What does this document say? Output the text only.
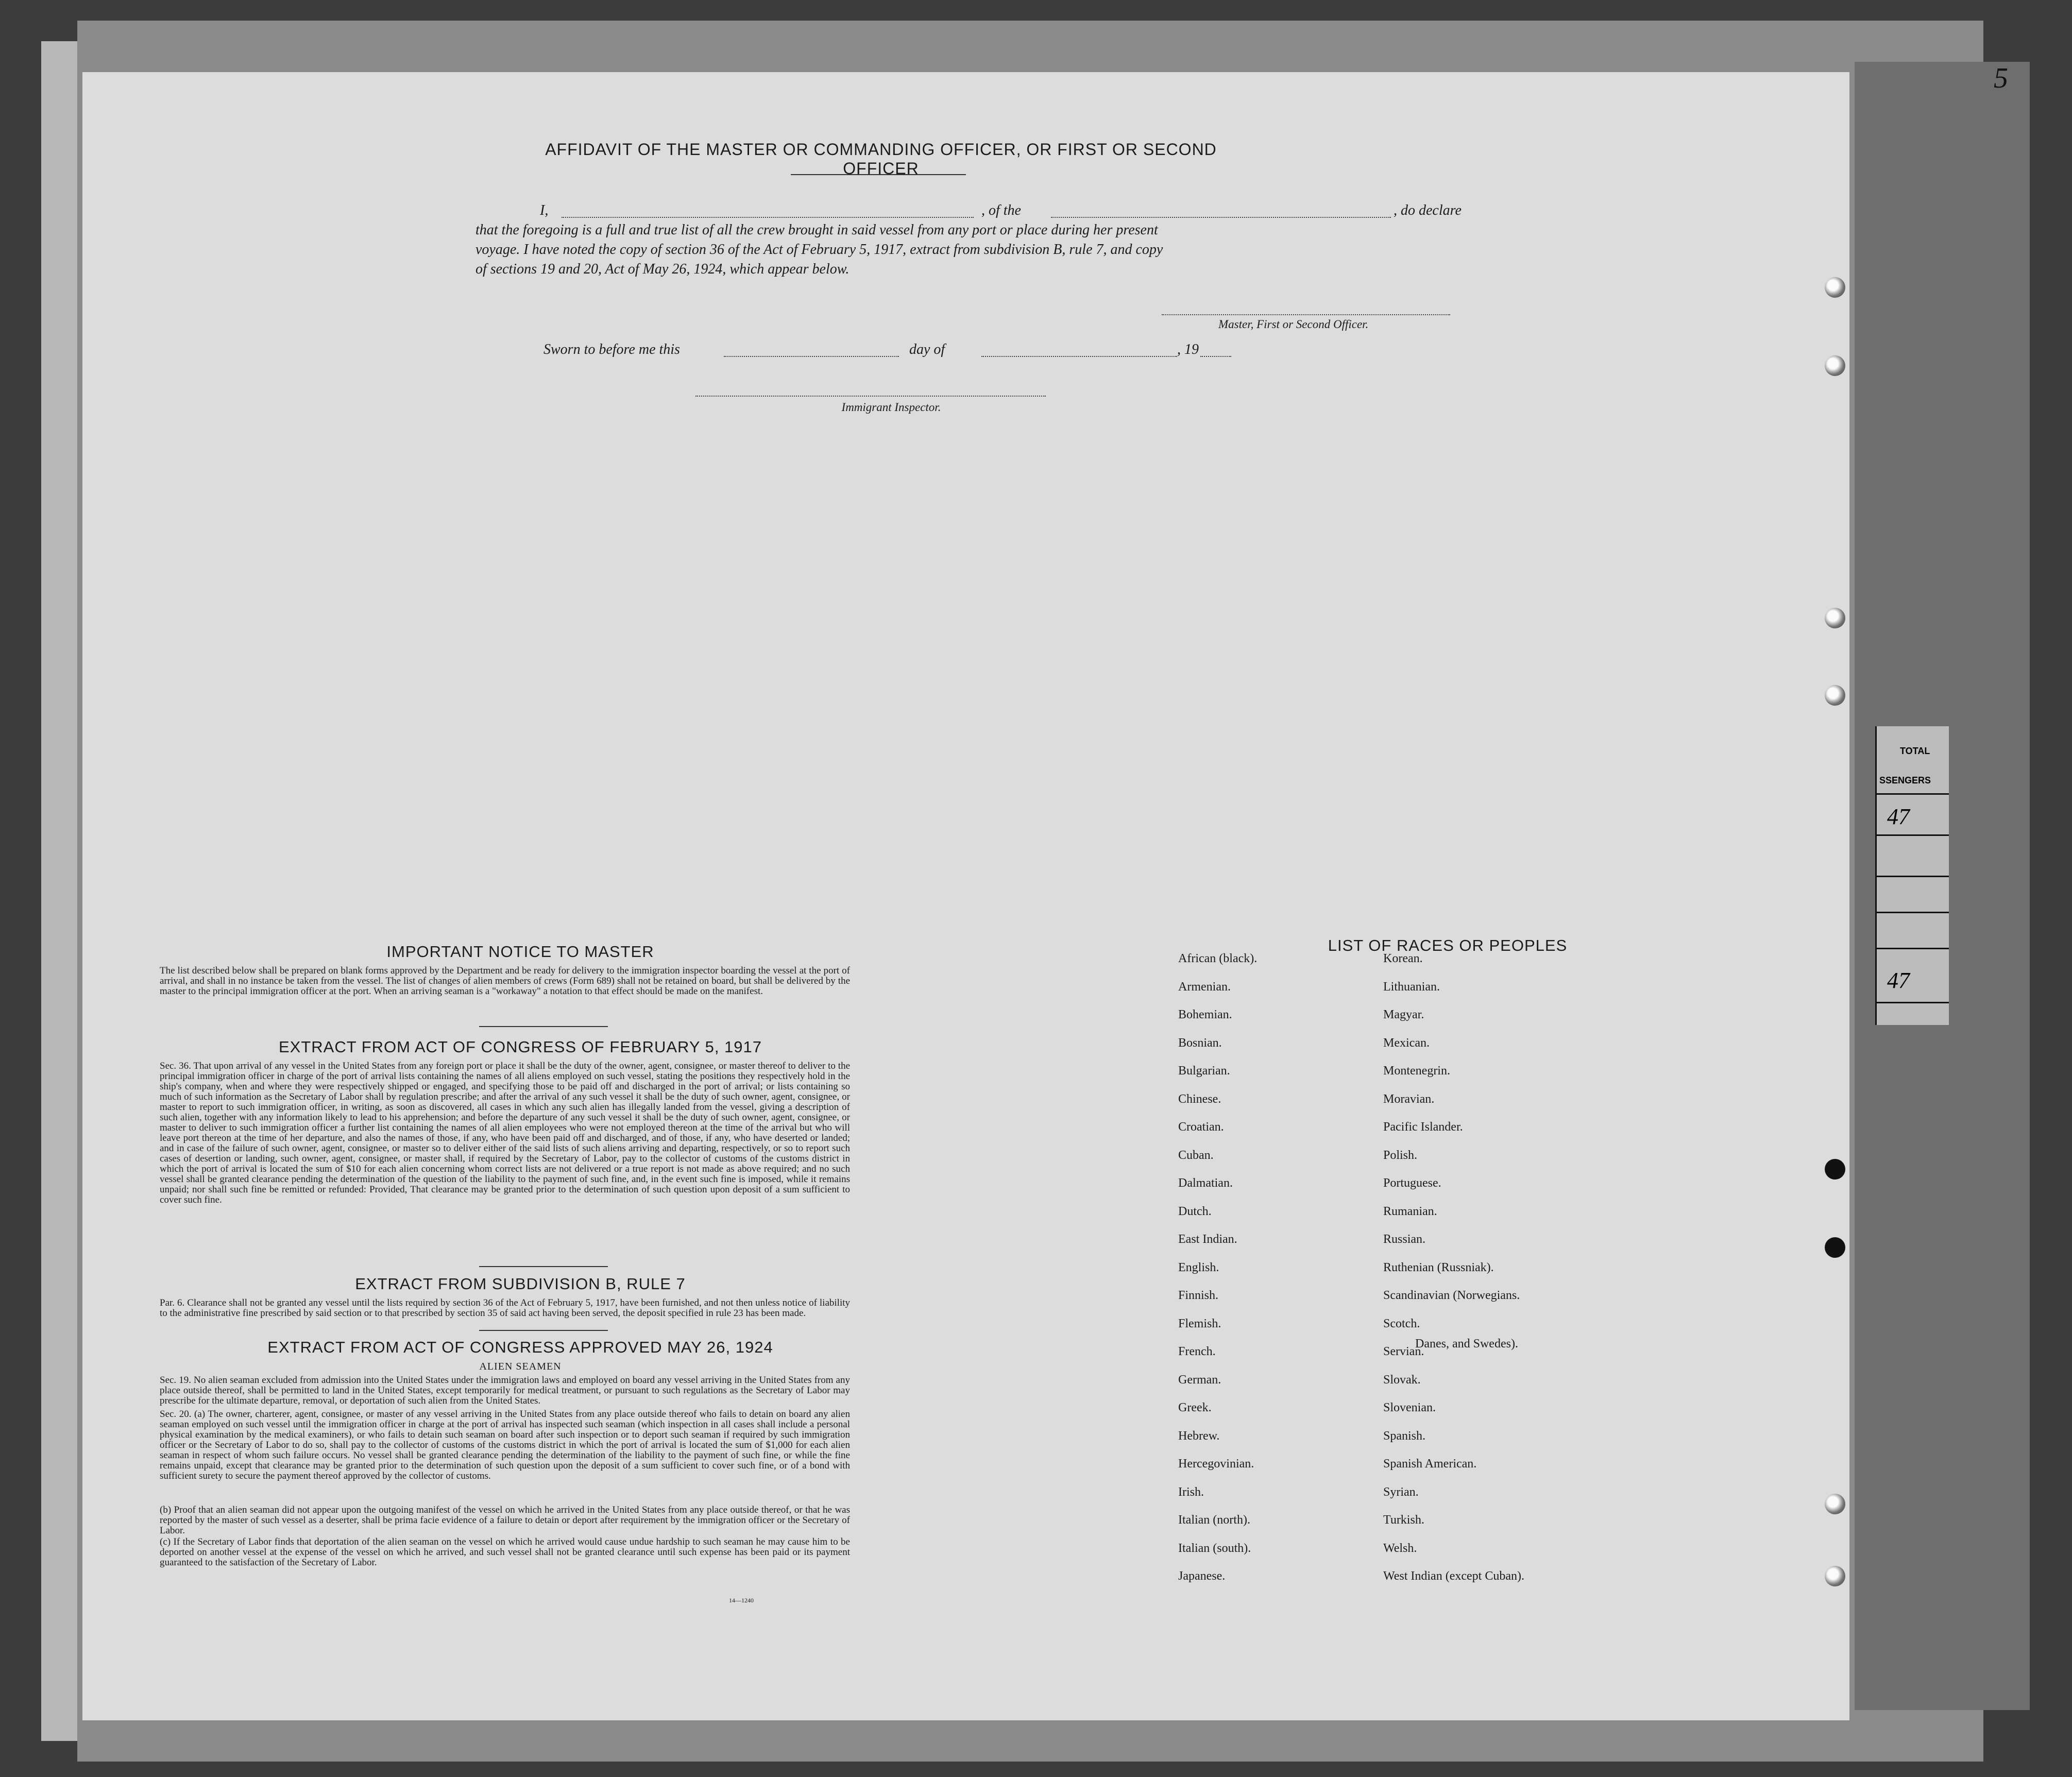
5
TOTAL
SSENGERS
47
47
AFFIDAVIT OF THE MASTER OR COMMANDING OFFICER, OR FIRST OR SECOND OFFICER
I,	, of the	, do declare
that the foregoing is a full and true list of all the crew brought in said vessel from any port or place during her present
voyage. I have noted the copy of section 36 of the Act of February 5, 1917, extract from subdivision B, rule 7, and copy
of sections 19 and 20, Act of May 26, 1924, which appear below.
Master, First or Second Officer.
Sworn to before me this	day of	, 19
Immigrant Inspector.
IMPORTANT NOTICE TO MASTER
The list described below shall be prepared on blank forms approved by the Department and be ready for delivery to the immigration inspector boarding the vessel at the port of arrival, and shall in no instance be taken from the vessel. The list of changes of alien members of crews (Form 689) shall not be retained on board, but shall be delivered by the master to the principal immigration officer at the port. When an arriving seaman is a "workaway" a notation to that effect should be made on the manifest.
EXTRACT FROM ACT OF CONGRESS OF FEBRUARY 5, 1917
Sec. 36. That upon arrival of any vessel in the United States from any foreign port or place it shall be the duty of the owner, agent, consignee, or master thereof to deliver to the principal immigration officer in charge of the port of arrival lists containing the names of all aliens employed on such vessel, stating the positions they respectively hold in the ship's company, when and where they were respectively shipped or engaged, and specifying those to be paid off and discharged in the port of arrival; or lists containing so much of such information as the Secretary of Labor shall by regulation prescribe; and after the arrival of any such vessel it shall be the duty of such owner, agent, consignee, or master to report to such immigration officer, in writing, as soon as discovered, all cases in which any such alien has illegally landed from the vessel, giving a description of such alien, together with any information likely to lead to his apprehension; and before the departure of any such vessel it shall be the duty of such owner, agent, consignee, or master to deliver to such immigration officer a further list containing the names of all alien employees who were not employed thereon at the time of the arrival but who will leave port thereon at the time of her departure, and also the names of those, if any, who have been paid off and discharged, and of those, if any, who have deserted or landed; and in case of the failure of such owner, agent, consignee, or master so to deliver either of the said lists of such aliens arriving and departing, respectively, or so to report such cases of desertion or landing, such owner, agent, consignee, or master shall, if required by the Secretary of Labor, pay to the collector of customs of the customs district in which the port of arrival is located the sum of $10 for each alien concerning whom correct lists are not delivered or a true report is not made as above required; and no such vessel shall be granted clearance pending the determination of the question of the liability to the payment of such fine, and, in the event such fine is imposed, while it remains unpaid; nor shall such fine be remitted or refunded: Provided, That clearance may be granted prior to the determination of such question upon deposit of a sum sufficient to cover such fine.
EXTRACT FROM SUBDIVISION B, RULE 7
Par. 6. Clearance shall not be granted any vessel until the lists required by section 36 of the Act of February 5, 1917, have been furnished, and not then unless notice of liability to the administrative fine prescribed by said section or to that prescribed by section 35 of said act having been served, the deposit specified in rule 23 has been made.
EXTRACT FROM ACT OF CONGRESS APPROVED MAY 26, 1924
ALIEN SEAMEN
Sec. 19. No alien seaman excluded from admission into the United States under the immigration laws and employed on board any vessel arriving in the United States from any place outside thereof, shall be permitted to land in the United States, except temporarily for medical treatment, or pursuant to such regulations as the Secretary of Labor may prescribe for the ultimate departure, removal, or deportation of such alien from the United States.
Sec. 20. (a) The owner, charterer, agent, consignee, or master of any vessel arriving in the United States from any place outside thereof who fails to detain on board any alien seaman employed on such vessel until the immigration officer in charge at the port of arrival has inspected such seaman (which inspection in all cases shall include a personal physical examination by the medical examiners), or who fails to detain such seaman on board after such inspection or to deport such seaman if required by such immigration officer or the Secretary of Labor to do so, shall pay to the collector of customs of the customs district in which the port of arrival is located the sum of $1,000 for each alien seaman in respect of whom such failure occurs. No vessel shall be granted clearance pending the determination of the liability to the payment of such fine, or while the fine remains unpaid, except that clearance may be granted prior to the determination of such question upon the deposit of a sum sufficient to cover such fine, or of a bond with sufficient surety to secure the payment thereof approved by the collector of customs.
(b) Proof that an alien seaman did not appear upon the outgoing manifest of the vessel on which he arrived in the United States from any place outside thereof, or that he was reported by the master of such vessel as a deserter, shall be prima facie evidence of a failure to detain or deport after requirement by the immigration officer or the Secretary of Labor.
(c) If the Secretary of Labor finds that deportation of the alien seaman on the vessel on which he arrived would cause undue hardship to such seaman he may cause him to be deported on another vessel at the expense of the vessel on which he arrived, and such vessel shall not be granted clearance until such expense has been paid or its payment guaranteed to the satisfaction of the Secretary of Labor.
14—1240
LIST OF RACES OR PEOPLES
African (black).
Armenian.
Bohemian.
Bosnian.
Bulgarian.
Chinese.
Croatian.
Cuban.
Dalmatian.
Dutch.
East Indian.
English.
Finnish.
Flemish.
French.
German.
Greek.
Hebrew.
Hercegovinian.
Irish.
Italian (north).
Italian (south).
Japanese.
Korean.
Lithuanian.
Magyar.
Mexican.
Montenegrin.
Moravian.
Pacific Islander.
Polish.
Portuguese.
Rumanian.
Russian.
Ruthenian (Russniak).
Scandinavian (Norwegians.
Scotch.
Servian.
Slovak.
Slovenian.
Spanish.
Spanish American.
Syrian.
Turkish.
Welsh.
West Indian (except Cuban).
Danes, and Swedes).
